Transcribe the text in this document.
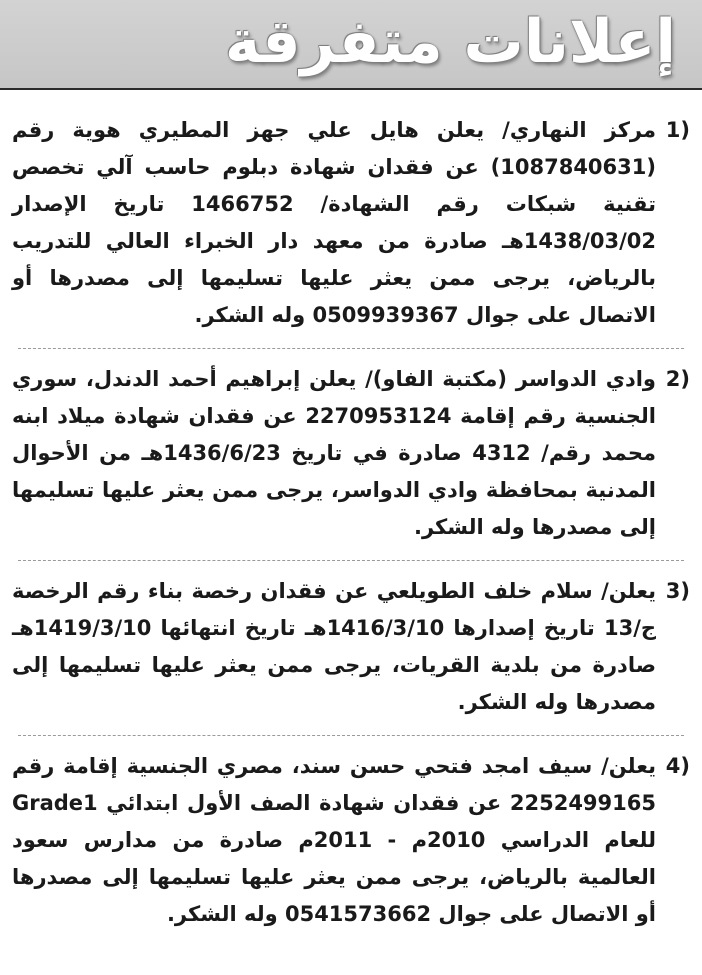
إعلانات متفرقة
1)

مركز النهاري/ يعلن هايل علي جهز المطيري هوية رقم (1087840631) عن فقدان شهادة دبلوم حاسب آلي تخصص تقنية شبكات رقم الشهادة/ 1466752 تاريخ الإصدار 1438/03/02هـ صادرة من معهد دار الخبراء العالي للتدريب بالرياض، يرجى ممن يعثر عليها تسليمها إلى مصدرها أو الاتصال على جوال 0509939367 وله الشكر.

2)

وادي الدواسر (مكتبة الفاو)/ يعلن إبراهيم أحمد الدندل، سوري الجنسية رقم إقامة 2270953124 عن فقدان شهادة ميلاد ابنه محمد رقم/ 4312 صادرة في تاريخ 1436/6/23هـ من الأحوال المدنية بمحافظة وادي الدواسر، يرجى ممن يعثر عليها تسليمها إلى مصدرها وله الشكر.

3)

يعلن/ سلام خلف الطويلعي عن فقدان رخصة بناء رقم الرخصة ج/13 تاريخ إصدارها 1416/3/10هـ تاريخ انتهائها 1419/3/10هـ صادرة من بلدية القريات، يرجى ممن يعثر عليها تسليمها إلى مصدرها وله الشكر.

4)

يعلن/ سيف امجد فتحي حسن سند، مصري الجنسية إقامة رقم 2252499165 عن فقدان شهادة الصف الأول ابتدائي Grade1 للعام الدراسي 2010م - 2011م صادرة من مدارس سعود العالمية بالرياض، يرجى ممن يعثر عليها تسليمها إلى مصدرها أو الاتصال على جوال 0541573662 وله الشكر.
